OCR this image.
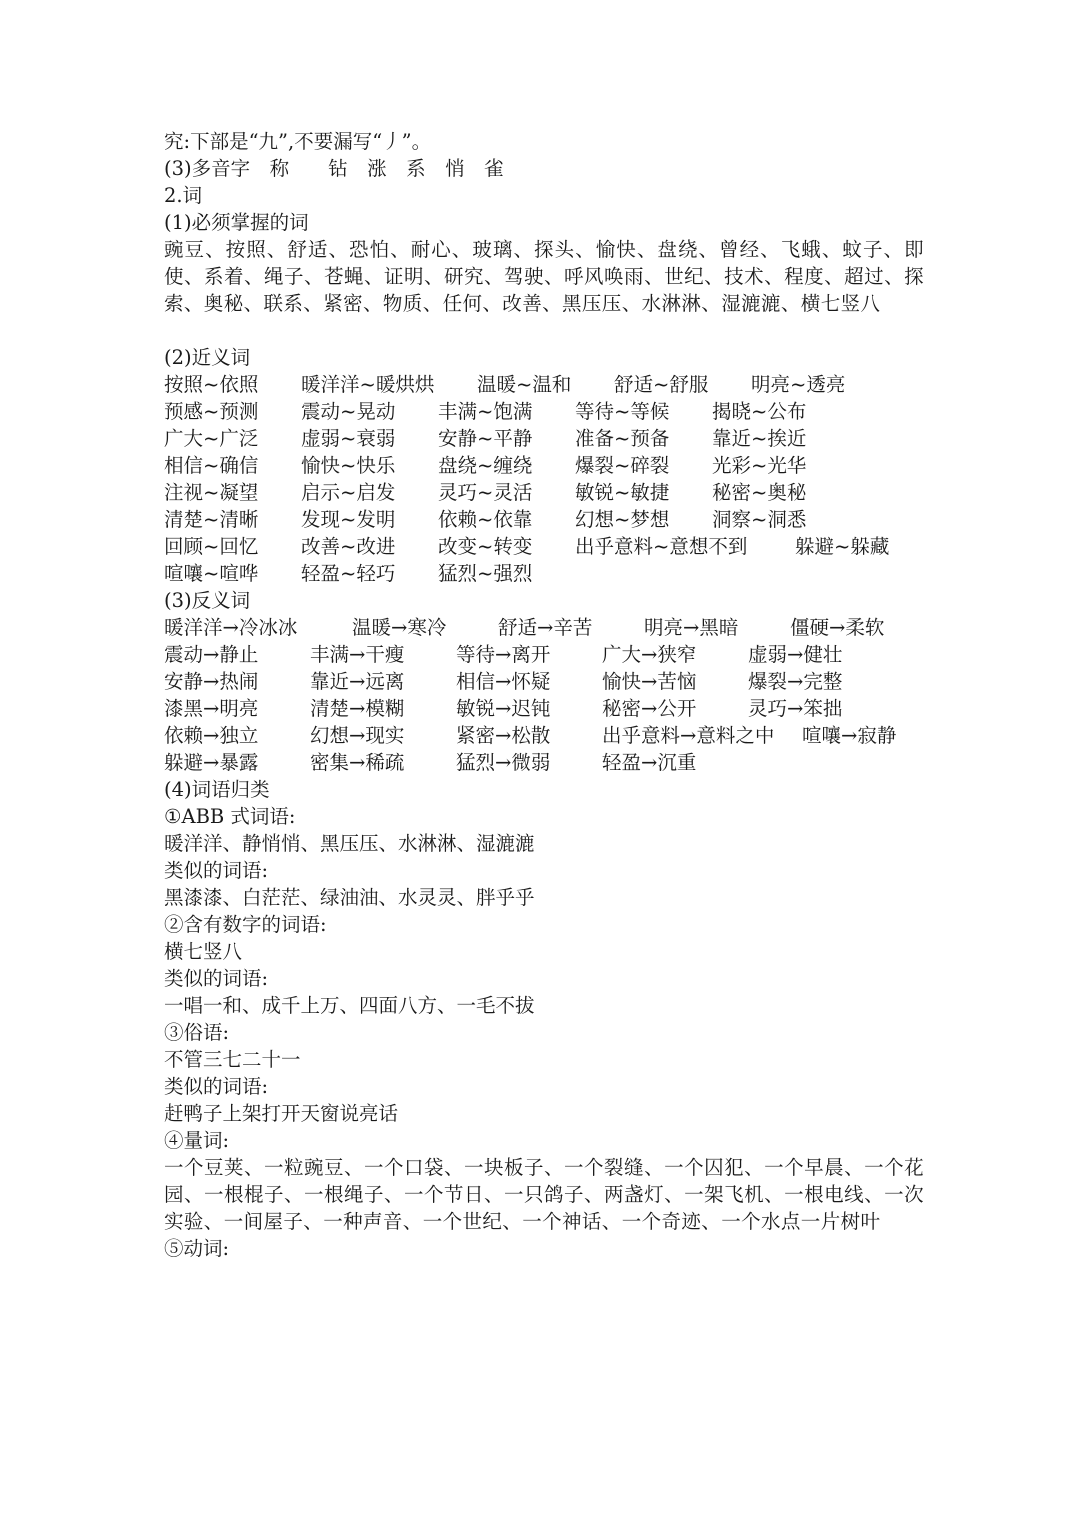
究:下部是“九”,不要漏写“丿”。
(3)多音字　称　　钻　涨　系　悄　雀
2.词
(1)必须掌握的词
豌豆、按照、舒适、恐怕、耐心、玻璃、探头、愉快、盘绕、曾经、飞蛾、蚊子、即使、系着、绳子、苍蝇、证明、研究、驾驶、呼风唤雨、世纪、技术、程度、超过、探索、奥秘、联系、紧密、物质、任何、改善、黑压压、水淋淋、湿漉漉、横七竖八
(2)近义词
按照~依照	暖洋洋~暖烘烘	温暖~温和	舒适~舒服	明亮~透亮
预感~预测	震动~晃动	丰满~饱满	等待~等候	揭晓~公布
广大~广泛	虚弱~衰弱	安静~平静	准备~预备	靠近~挨近
相信~确信	愉快~快乐	盘绕~缠绕	爆裂~碎裂	光彩~光华
注视~凝望	启示~启发	灵巧~灵活	敏锐~敏捷	秘密~奥秘
清楚~清晰	发现~发明	依赖~依靠	幻想~梦想	洞察~洞悉
回顾~回忆	改善~改进	改变~转变	出乎意料~意想不到	躲避~躲藏
喧嚷~喧哗	轻盈~轻巧	猛烈~强烈
(3)反义词
暖洋洋→冷冰冰	温暖→寒冷	舒适→辛苦	明亮→黑暗	僵硬→柔软
震动→静止	丰满→干瘦	等待→离开	广大→狭窄	虚弱→健壮
安静→热闹	靠近→远离	相信→怀疑	愉快→苦恼	爆裂→完整
漆黑→明亮	清楚→模糊	敏锐→迟钝	秘密→公开	灵巧→笨拙
依赖→独立	幻想→现实	紧密→松散	出乎意料→意料之中	喧嚷→寂静
躲避→暴露	密集→稀疏	猛烈→微弱	轻盈→沉重
(4)词语归类
①ABB 式词语:
暖洋洋、静悄悄、黑压压、水淋淋、湿漉漉
类似的词语:
黑漆漆、白茫茫、绿油油、水灵灵、胖乎乎
②含有数字的词语:
横七竖八
类似的词语:
一唱一和、成千上万、四面八方、一毛不拔
③俗语:
不管三七二十一
类似的词语:
赶鸭子上架打开天窗说亮话
④量词:
一个豆荚、一粒豌豆、一个口袋、一块板子、一个裂缝、一个囚犯、一个早晨、一个花园、一根棍子、一根绳子、一个节日、一只鸽子、两盏灯、一架飞机、一根电线、一次实验、一间屋子、一种声音、一个世纪、一个神话、一个奇迹、一个水点一片树叶
⑤动词:
